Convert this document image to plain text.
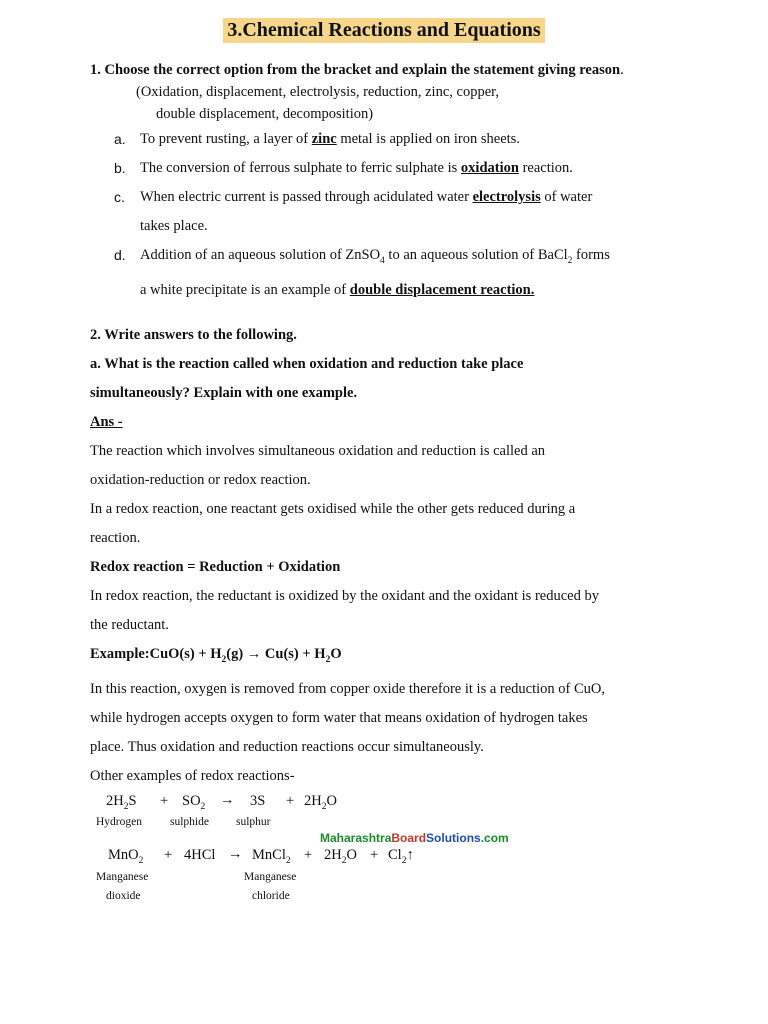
3.Chemical Reactions and Equations

1. Choose the correct option from the bracket and explain the statement giving reason.

(Oxidation, displacement, electrolysis, reduction, zinc, copper,

double displacement, decomposition)

a. To prevent rusting, a layer of zinc metal is applied on iron sheets.
b. The conversion of ferrous sulphate to ferric sulphate is oxidation reaction.
c. When electric current is passed through acidulated water electrolysis of water
takes place.
d. Addition of an aqueous solution of ZnSO$_4$ to an aqueous solution of BaCl$_2$ forms
a white precipitate is an example of double displacement reaction.

2. Write answers to the following.

a. What is the reaction called when oxidation and reduction take place

simultaneously? Explain with one example.

Ans -

The reaction which involves simultaneous oxidation and reduction is called an

oxidation-reduction or redox reaction.

In a redox reaction, one reactant gets oxidised while the other gets reduced during a

reaction.

Redox reaction = Reduction + Oxidation

In redox reaction, the reductant is oxidized by the oxidant and the oxidant is reduced by

the reductant.

Example:CuO(s) + $H_2(g) \to Cu(s) + H_2O$

In this reaction, oxygen is removed from copper oxide therefore it is a reduction of CuO,

while hydrogen accepts oxygen to form water that means oxidation of hydrogen takes

place. Thus oxidation and reduction reactions occur simultaneously.

Other examples of redox reactions-

$2H_2S + SO_2 \to 3S + 2H_2O$
Hydrogen sulphide sulphur
MaharashtraBoardSolutions.com
MnO$_2$ + 4HCl → MnCl$_2$ + $2H_2O$ + $Cl_2↑$
Manganese
dioxide
Manganese
chloride
